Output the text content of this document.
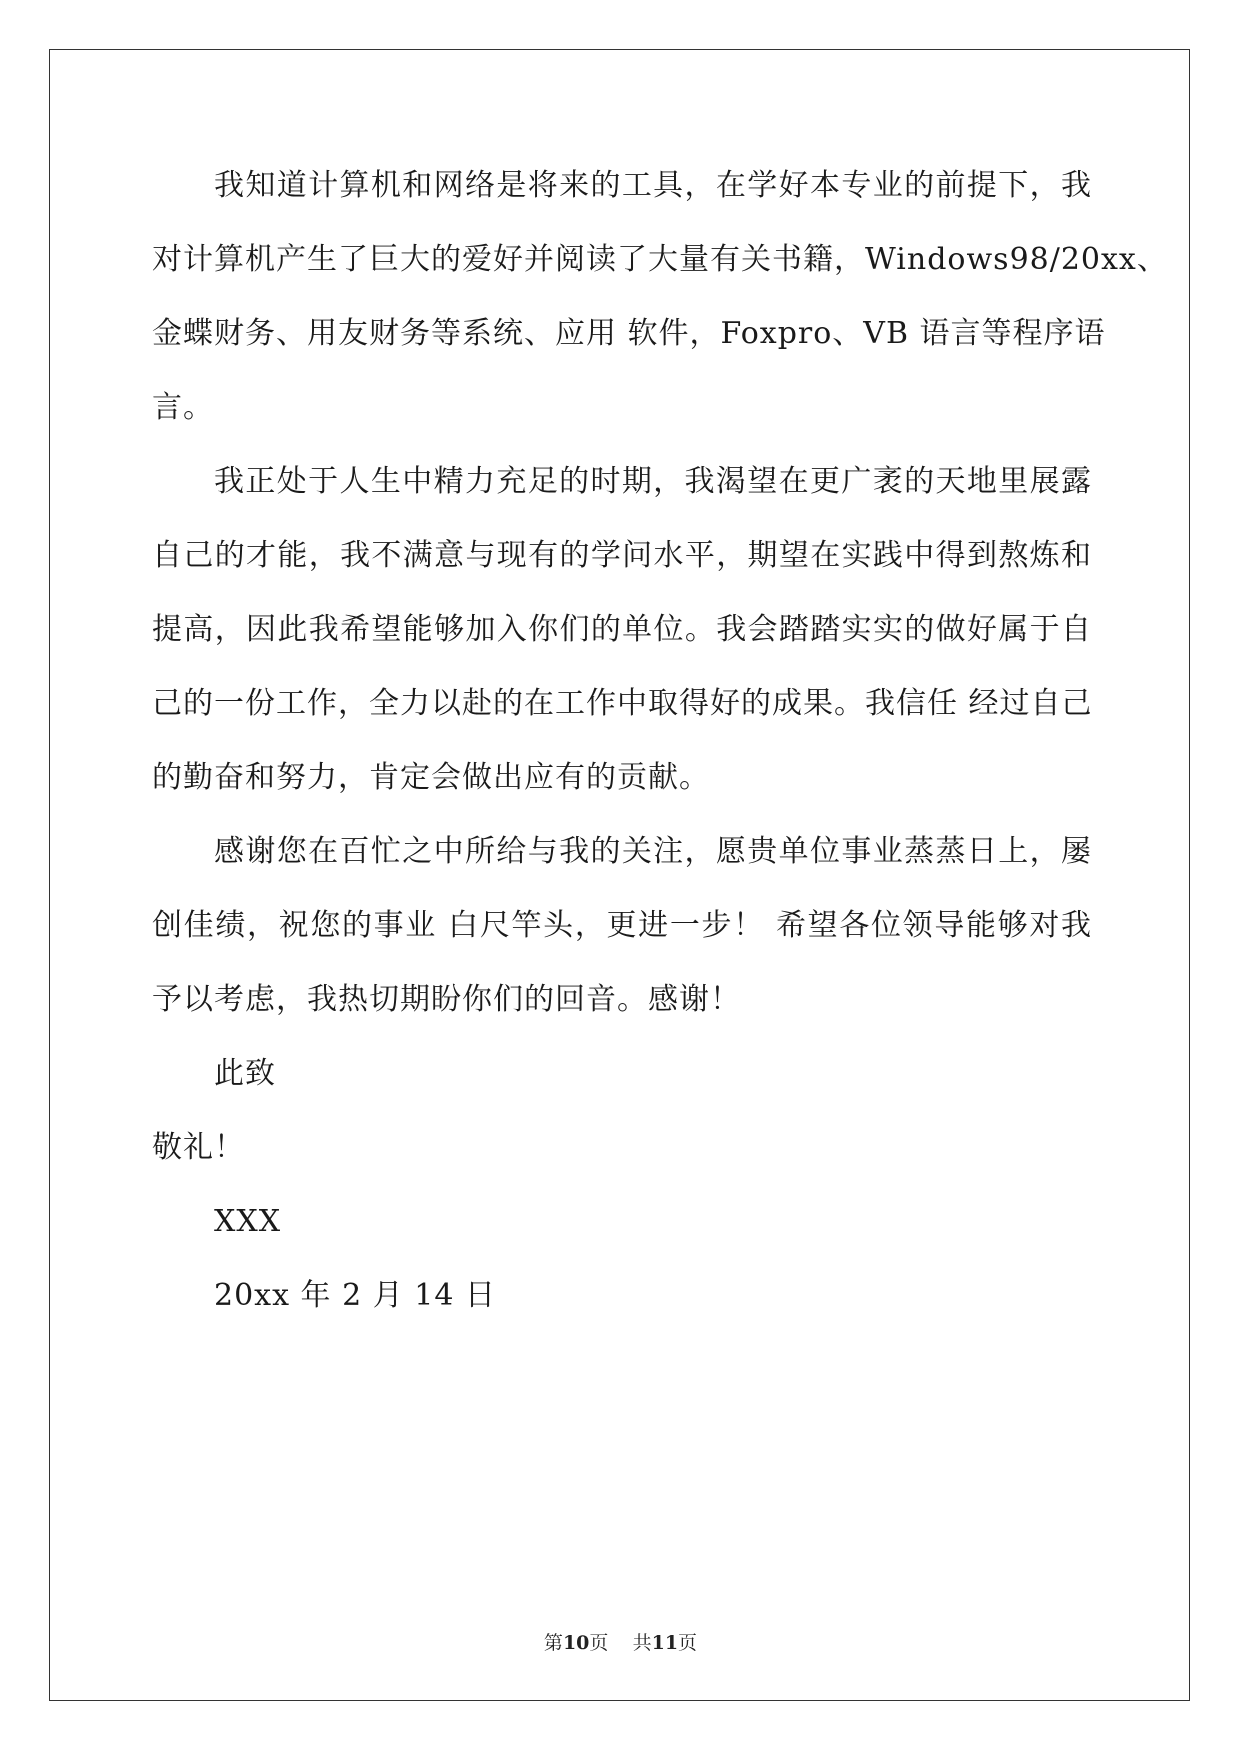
我知道计算机和网络是将来的工具，在学好本专业的前提下，我
对计算机产生了巨大的爱好并阅读了大量有关书籍，Windows98/20xx、
金蝶财务、用友财务等系统、应用 软件，Foxpro、VB 语言等程序语
言。
我正处于人生中精力充足的时期，我渴望在更广袤的天地里展露
自己的才能，我不满意与现有的学问水平，期望在实践中得到熬炼和
提高，因此我希望能够加入你们的单位。我会踏踏实实的做好属于自
己的一份工作，全力以赴的在工作中取得好的成果。我信任 经过自己
的勤奋和努力，肯定会做出应有的贡献。
感谢您在百忙之中所给与我的关注，愿贵单位事业蒸蒸日上，屡
创佳绩，祝您的事业 白尺竿头，更进一步！ 希望各位领导能够对我
予以考虑，我热切期盼你们的回音。感谢！
此致
敬礼！
XXX
20xx 年 2 月 14 日
第10页 共11页
